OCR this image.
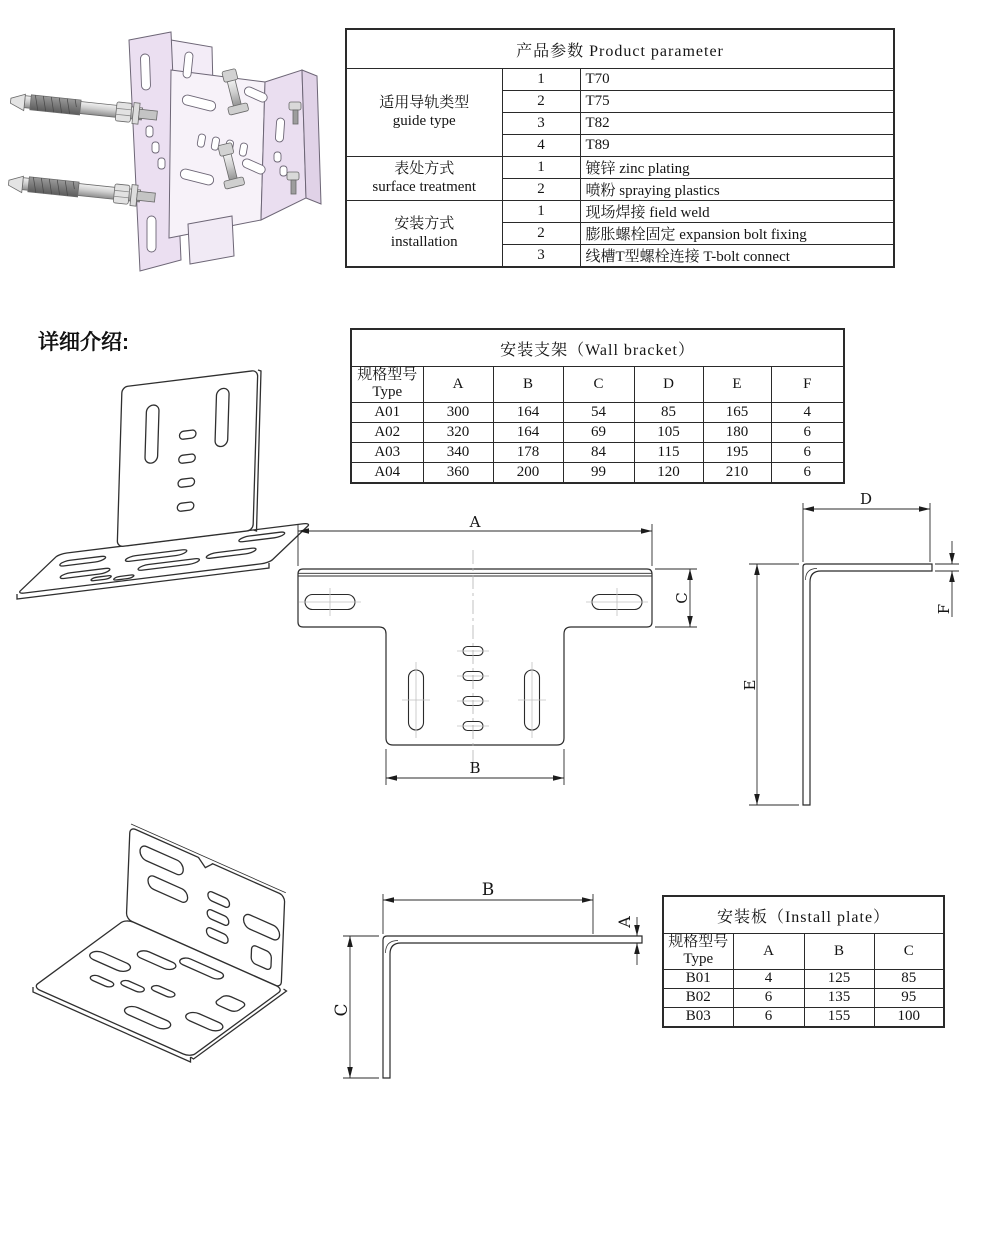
产品参数 Product parameter		

适用导轨类型
guide type	1	T70
	2	T75
	3	T82
	4	T89

表处方式
surface treatment	1	镀锌 zinc plating
	2	喷粉 spraying plastics

安装方式
installation	1	现场焊接 field weld
	2	膨胀螺栓固定 expansion bolt fixing
	3	线槽T型螺栓连接 T-bolt connect
详细介绍:	安装支架（Wall bracket）						

规格型号
Type	A	B	C	D	E	F
A01	300	164	54	85	165	4
A02	320	164	69	105	180	6
A03	340	178	84	115	195	6
A04	360	200	99	120	210	6
A
C
B
D
E
F
B
A
C
安装板（Install plate）			

规格型号
Type	A	B	C
B01	4	125	85
B02	6	135	95
B03	6	155	100
